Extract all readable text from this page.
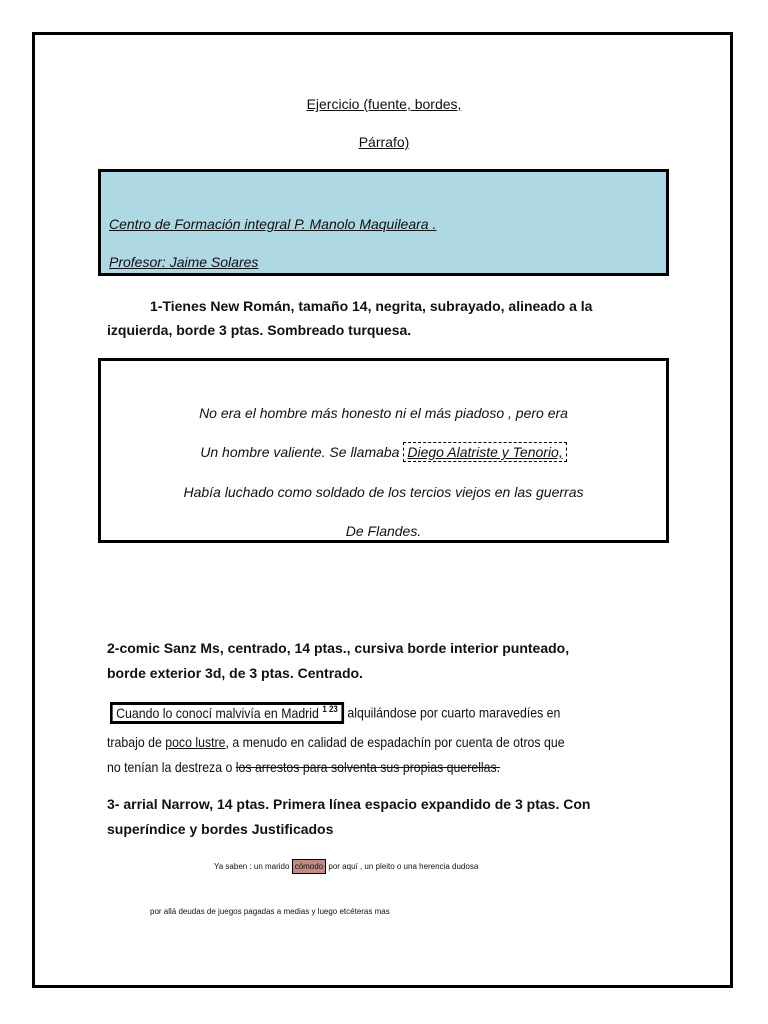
Ejercicio (fuente, bordes,
Párrafo)
Centro de Formación integral P. Manolo Maquileara .
Profesor: Jaime Solares
1-Tienes New Román, tamaño 14, negrita, subrayado, alineado a la
izquierda, borde 3 ptas. Sombreado turquesa.
No era el hombre más honesto ni el más piadoso , pero era
Un hombre valiente. Se llamaba Diego Alatriste y Tenorio,
Había luchado como soldado de los tercios viejos en las guerras
De Flandes.
2-comic Sanz Ms, centrado, 14 ptas., cursiva borde interior punteado,
borde exterior 3d, de 3 ptas. Centrado.
Cuando lo conocí malvivía en Madrid $^{1 23}$ alquilándose por cuarto maravedíes en
trabajo de poco lustre, a menudo en calidad de espadachín por cuenta de otros que
no tenían la destreza o los arrestos para solventa sus propias querellas.
3- arrial Narrow, 14 ptas. Primera línea espacio expandido de 3 ptas. Con
superíndice y bordes Justificados
Ya saben : un marido cómodo por aquí , un pleito o una herencia dudosa
por allá deudas de juegos pagadas a medias y luego etcéteras mas
